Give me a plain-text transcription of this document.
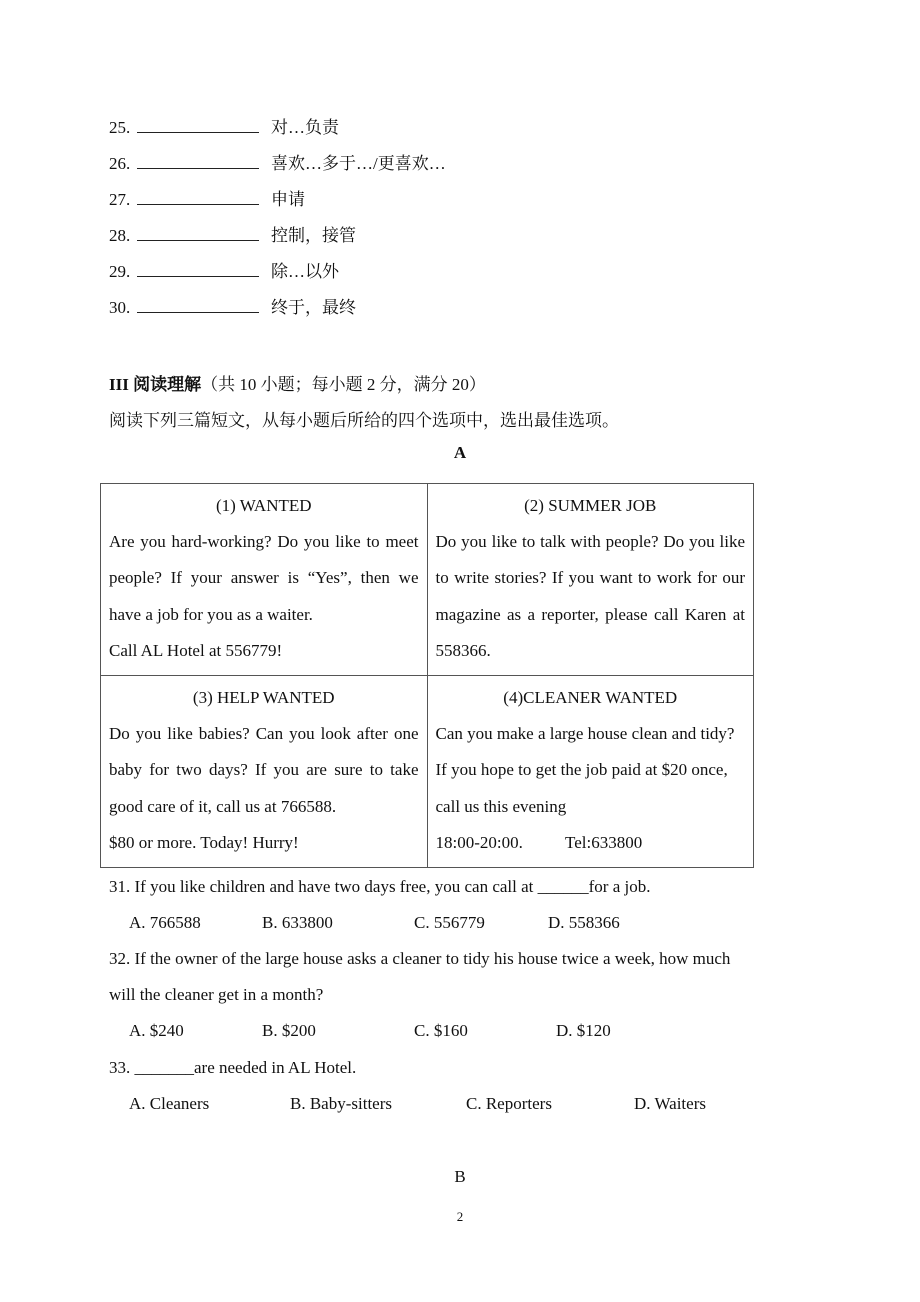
25.	对…负责
26.	喜欢…多于…/更喜欢…
27.	申请
28.	控制，接管
29.	除…以外
30.	终于，最终
III 阅读理解（共 10 小题；每小题 2 分，满分 20）
阅读下列三篇短文，从每小题后所给的四个选项中，选出最佳选项。
A
(1) WANTED
Are you hard-working? Do you like to meet people? If your answer is “Yes”, then we have a job for you as a waiter.
Call AL Hotel at 556779!

(2) SUMMER JOB
Do you like to talk with people? Do you like to write stories? If you want to work for our magazine as a reporter, please call Karen at 558366.

(3) HELP WANTED
Do you like babies? Can you look after one baby for two days? If you are sure to take good care of it, call us at 766588.
$80 or more. Today! Hurry!

(4)CLEANER WANTED
Can you make a large house clean and tidy? If you hope to get the job paid at $20 once, call us this evening
18:00-20:00.          Tel:633800
31. If you like children and have two days free, you can call at ______for a job.
A. 766588	B. 633800	C. 556779	D. 558366
32. If the owner of the large house asks a cleaner to tidy his house twice a week, how much
will the cleaner get in a month?
A. $240	B. $200	C. $160	D. $120
33. _______are needed in AL Hotel.
A. Cleaners	B. Baby-sitters	C. Reporters	D. Waiters
B
2
